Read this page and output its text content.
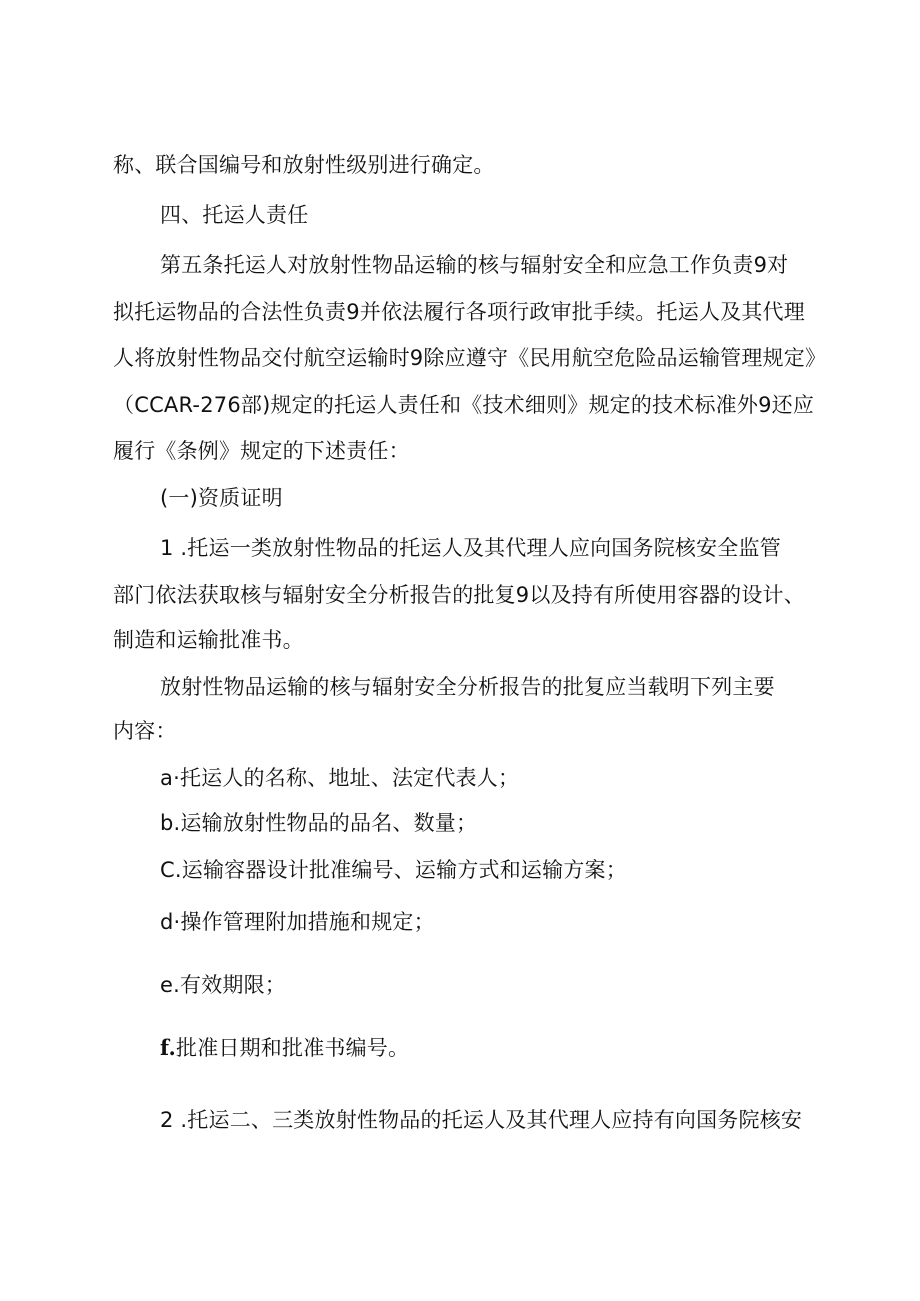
称、联合国编号和放射性级别进行确定。
四、托运人责任
第五条托运人对放射性物品运输的核与辐射安全和应急工作负责9对
拟托运物品的合法性负责9并依法履行各项行政审批手续。托运人及其代理
人将放射性物品交付航空运输时9除应遵守《民用航空危险品运输管理规定》
（CCAR-276部)规定的托运人责任和《技术细则》规定的技术标准外9还应
履行《条例》规定的下述责任：
(一)资质证明
1 .托运一类放射性物品的托运人及其代理人应向国务院核安全监管
部门依法获取核与辐射安全分析报告的批复9以及持有所使用容器的设计、
制造和运输批准书。
放射性物品运输的核与辐射安全分析报告的批复应当载明下列主要
内容：
a·托运人的名称、地址、法定代表人；
b.运输放射性物品的品名、数量；
C.运输容器设计批准编号、运输方式和运输方案；
d·操作管理附加措施和规定；
e.有效期限；
f.批准日期和批准书编号。
2 .托运二、三类放射性物品的托运人及其代理人应持有向国务院核安
